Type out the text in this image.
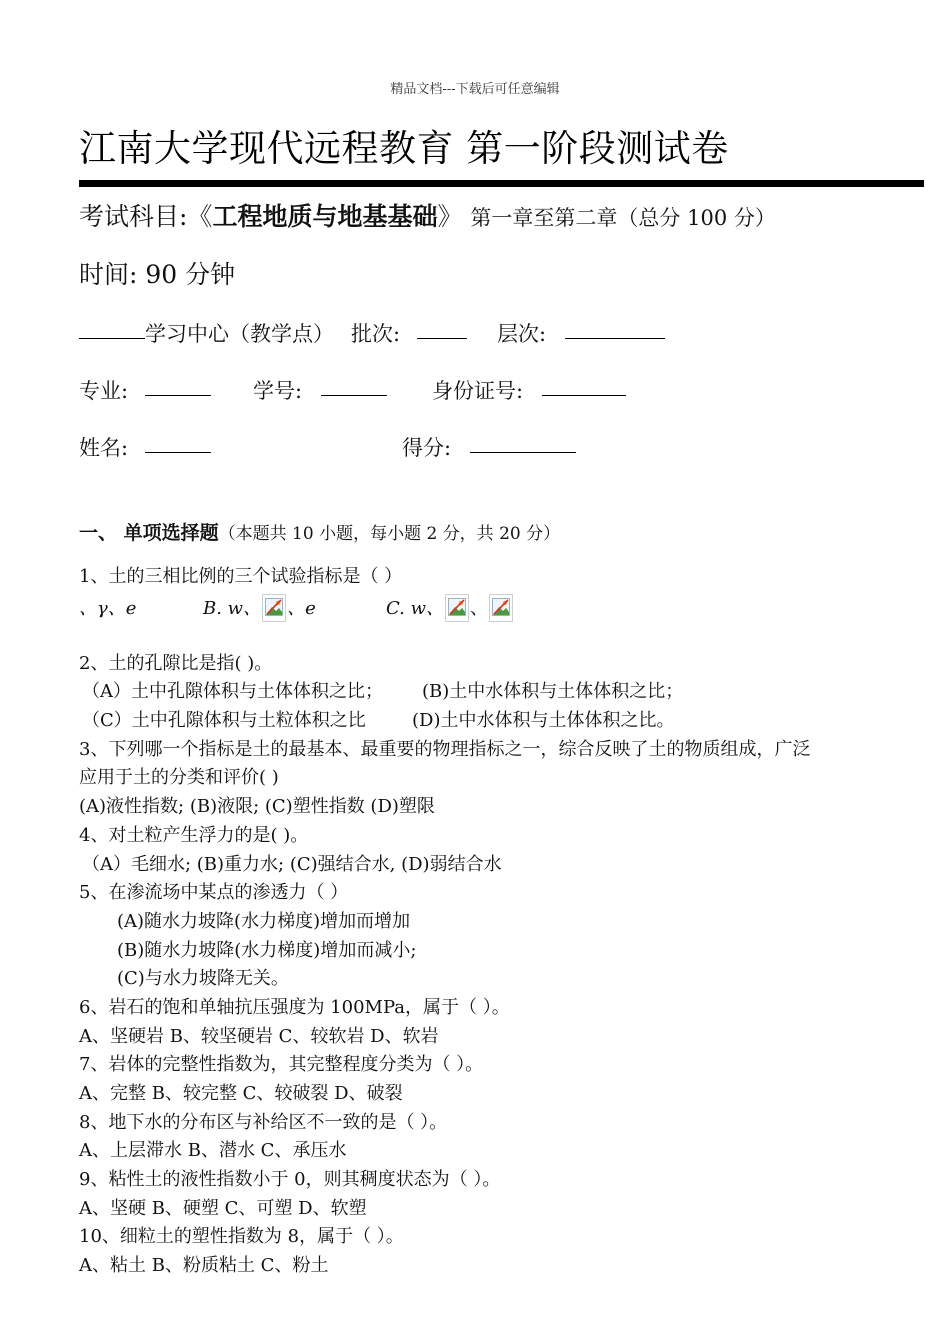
精品文档---下载后可任意编辑
江南大学现代远程教育 第一阶段测试卷
考试科目:《工程地质与地基基础》 第一章至第二章（总分 100 分）
时间: 90 分钟
学习中心（教学点） 批次:	层次:
专业:	学号:	身份证号:
姓名:	得分:
一、 单项选择题（本题共 10 小题，每小题 2 分，共 20 分）
1、土的三相比例的三个试验指标是（ ）
、γ、e	B. w、 、e	C. w、 、
2、土的孔隙比是指( )。
（A）土中孔隙体积与土体体积之比； (B)土中水体积与土体体积之比；
（C）土中孔隙体积与土粒体积之比	(D)土中水体积与土体体积之比。
3、下列哪一个指标是土的最基本、最重要的物理指标之一，综合反映了土的物质组成，广泛
应用于土的分类和评价( )
(A)液性指数; (B)液限; (C)塑性指数 (D)塑限
4、对土粒产生浮力的是( )。
（A）毛细水; (B)重力水; (C)强结合水, (D)弱结合水
5、在渗流场中某点的渗透力（ ）
(A)随水力坡降(水力梯度)增加而增加
(B)随水力坡降(水力梯度)增加而减小;
(C)与水力坡降无关。
6、岩石的饱和单轴抗压强度为 100MPa，属于（ ）。
A、坚硬岩 B、较坚硬岩 C、较软岩 D、软岩
7、岩体的完整性指数为，其完整程度分类为（ ）。
A、完整 B、较完整 C、较破裂 D、破裂
8、地下水的分布区与补给区不一致的是（ ）。
A、上层滞水 B、潜水 C、承压水
9、粘性土的液性指数小于 0，则其稠度状态为（ ）。
A、坚硬 B、硬塑 C、可塑 D、软塑
10、细粒土的塑性指数为 8，属于（ ）。
A、粘土 B、粉质粘土 C、粉土
